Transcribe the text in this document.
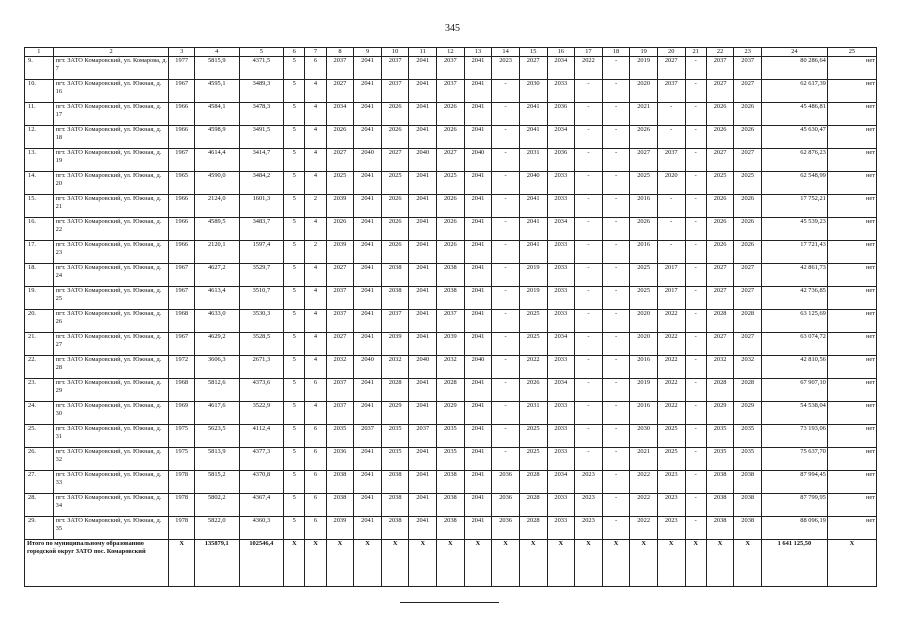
345
1	2	3	4	5	6	7	8	9	10	11	12	13	14	15	16	17	18	19	20	21	22	23	24	25
9.	пгт. ЗАТО Комаровский, ул. Комарова, д. 7	1977	5815,9	4371,5	5	6	2037	2041	2037	2041	2037	2041	2023	2027	2034	2022	-	2019	2027	-	2037	2037	80 286,64	нет
10.	пгт. ЗАТО Комаровский, ул. Южная, д. 16	1967	4595,1	3489,3	5	4	2027	2041	2037	2041	2037	2041	-	2030	2033	-	-	2020	2037	-	2027	2027	62 617,39	нет
11.	пгт. ЗАТО Комаровский, ул. Южная, д. 17	1966	4584,1	3478,3	5	4	2034	2041	2026	2041	2026	2041	-	2041	2036	-	-	2021	-	-	2026	2026	45 486,81	нет
12.	пгт. ЗАТО Комаровский, ул. Южная, д. 18	1966	4598,9	3491,5	5	4	2026	2041	2026	2041	2026	2041	-	2041	2034	-	-	2026	-	-	2026	2026	45 630,47	нет
13.	пгт. ЗАТО Комаровский, ул. Южная, д. 19	1967	4614,4	3414,7	5	4	2027	2040	2027	2040	2027	2040	-	2031	2036	-	-	2027	2037	-	2027	2027	62 876,23	нет
14.	пгт. ЗАТО Комаровский, ул. Южная, д. 20	1965	4590,0	3484,2	5	4	2025	2041	2025	2041	2025	2041	-	2040	2033	-	-	2025	2020	-	2025	2025	62 548,99	нет
15.	пгт. ЗАТО Комаровский, ул. Южная, д. 21	1966	2124,0	1601,3	5	2	2039	2041	2026	2041	2026	2041	-	2041	2033	-	-	2016	-	-	2026	2026	17 752,21	нет
16.	пгт. ЗАТО Комаровский, ул. Южная, д. 22	1966	4589,5	3483,7	5	4	2026	2041	2026	2041	2026	2041	-	2041	2034	-	-	2026	-	-	2026	2026	45 539,23	нет
17.	пгт. ЗАТО Комаровский, ул. Южная, д. 23	1966	2120,1	1597,4	5	2	2039	2041	2026	2041	2026	2041	-	2041	2033	-	-	2016	-	-	2026	2026	17 721,43	нет
18.	пгт. ЗАТО Комаровский, ул. Южная, д. 24	1967	4627,2	3529,7	5	4	2027	2041	2038	2041	2038	2041	-	2019	2033	-	-	2025	2017	-	2027	2027	42 861,73	нет
19.	пгт. ЗАТО Комаровский, ул. Южная, д. 25	1967	4613,4	3510,7	5	4	2037	2041	2038	2041	2038	2041	-	2019	2033	-	-	2025	2017	-	2027	2027	42 736,85	нет
20.	пгт. ЗАТО Комаровский, ул. Южная, д. 26	1968	4633,0	3530,3	5	4	2037	2041	2037	2041	2037	2041	-	2025	2033	-	-	2020	2022	-	2028	2028	63 125,69	нет
21.	пгт. ЗАТО Комаровский, ул. Южная, д. 27	1967	4629,2	3528,5	5	4	2027	2041	2039	2041	2039	2041	-	2025	2034	-	-	2020	2022	-	2027	2027	63 074,72	нет
22.	пгт. ЗАТО Комаровский, ул. Южная, д. 28	1972	3606,3	2671,3	5	4	2032	2040	2032	2040	2032	2040	-	2022	2033	-	-	2016	2022	-	2032	2032	42 810,56	нет
23.	пгт. ЗАТО Комаровский, ул. Южная, д. 29	1968	5812,6	4373,6	5	6	2037	2041	2028	2041	2028	2041	-	2026	2034	-	-	2019	2022	-	2028	2028	67 907,10	нет
24.	пгт. ЗАТО Комаровский, ул. Южная, д. 30	1969	4617,6	3522,9	5	4	2037	2041	2029	2041	2029	2041	-	2031	2033	-	-	2016	2022	-	2029	2029	54 538,04	нет
25.	пгт. ЗАТО Комаровский, ул. Южная, д. 31	1975	5623,5	4112,4	5	6	2035	2037	2035	2037	2035	2041	-	2025	2033	-	-	2030	2025	-	2035	2035	73 193,06	нет
26.	пгт. ЗАТО Комаровский, ул. Южная, д. 32	1975	5813,9	4377,3	5	6	2036	2041	2035	2041	2035	2041	-	2025	2033	-	-	2021	2025	-	2035	2035	75 637,70	нет
27.	пгт. ЗАТО Комаровский, ул. Южная, д. 33	1978	5815,2	4370,8	5	6	2038	2041	2038	2041	2038	2041	2036	2028	2034	2023	-	2022	2023	-	2038	2038	87 994,45	нет
28.	пгт. ЗАТО Комаровский, ул. Южная, д. 34	1978	5802,2	4367,4	5	6	2038	2041	2038	2041	2038	2041	2036	2028	2033	2023	-	2022	2023	-	2038	2038	87 799,95	нет
29.	пгт. ЗАТО Комаровский, ул. Южная, д. 35	1978	5822,0	4360,3	5	6	2039	2041	2038	2041	2038	2041	2036	2028	2033	2023	-	2022	2023	-	2038	2038	88 096,19	нет
Итого по муниципальному образованию городской округ ЗАТО пос. Комаровский		X	135879,1	102546,4	X	X	X	X	X	X	X	X	X	X	X	X	X	X	X	X	X	X	1 641 125,50	X
